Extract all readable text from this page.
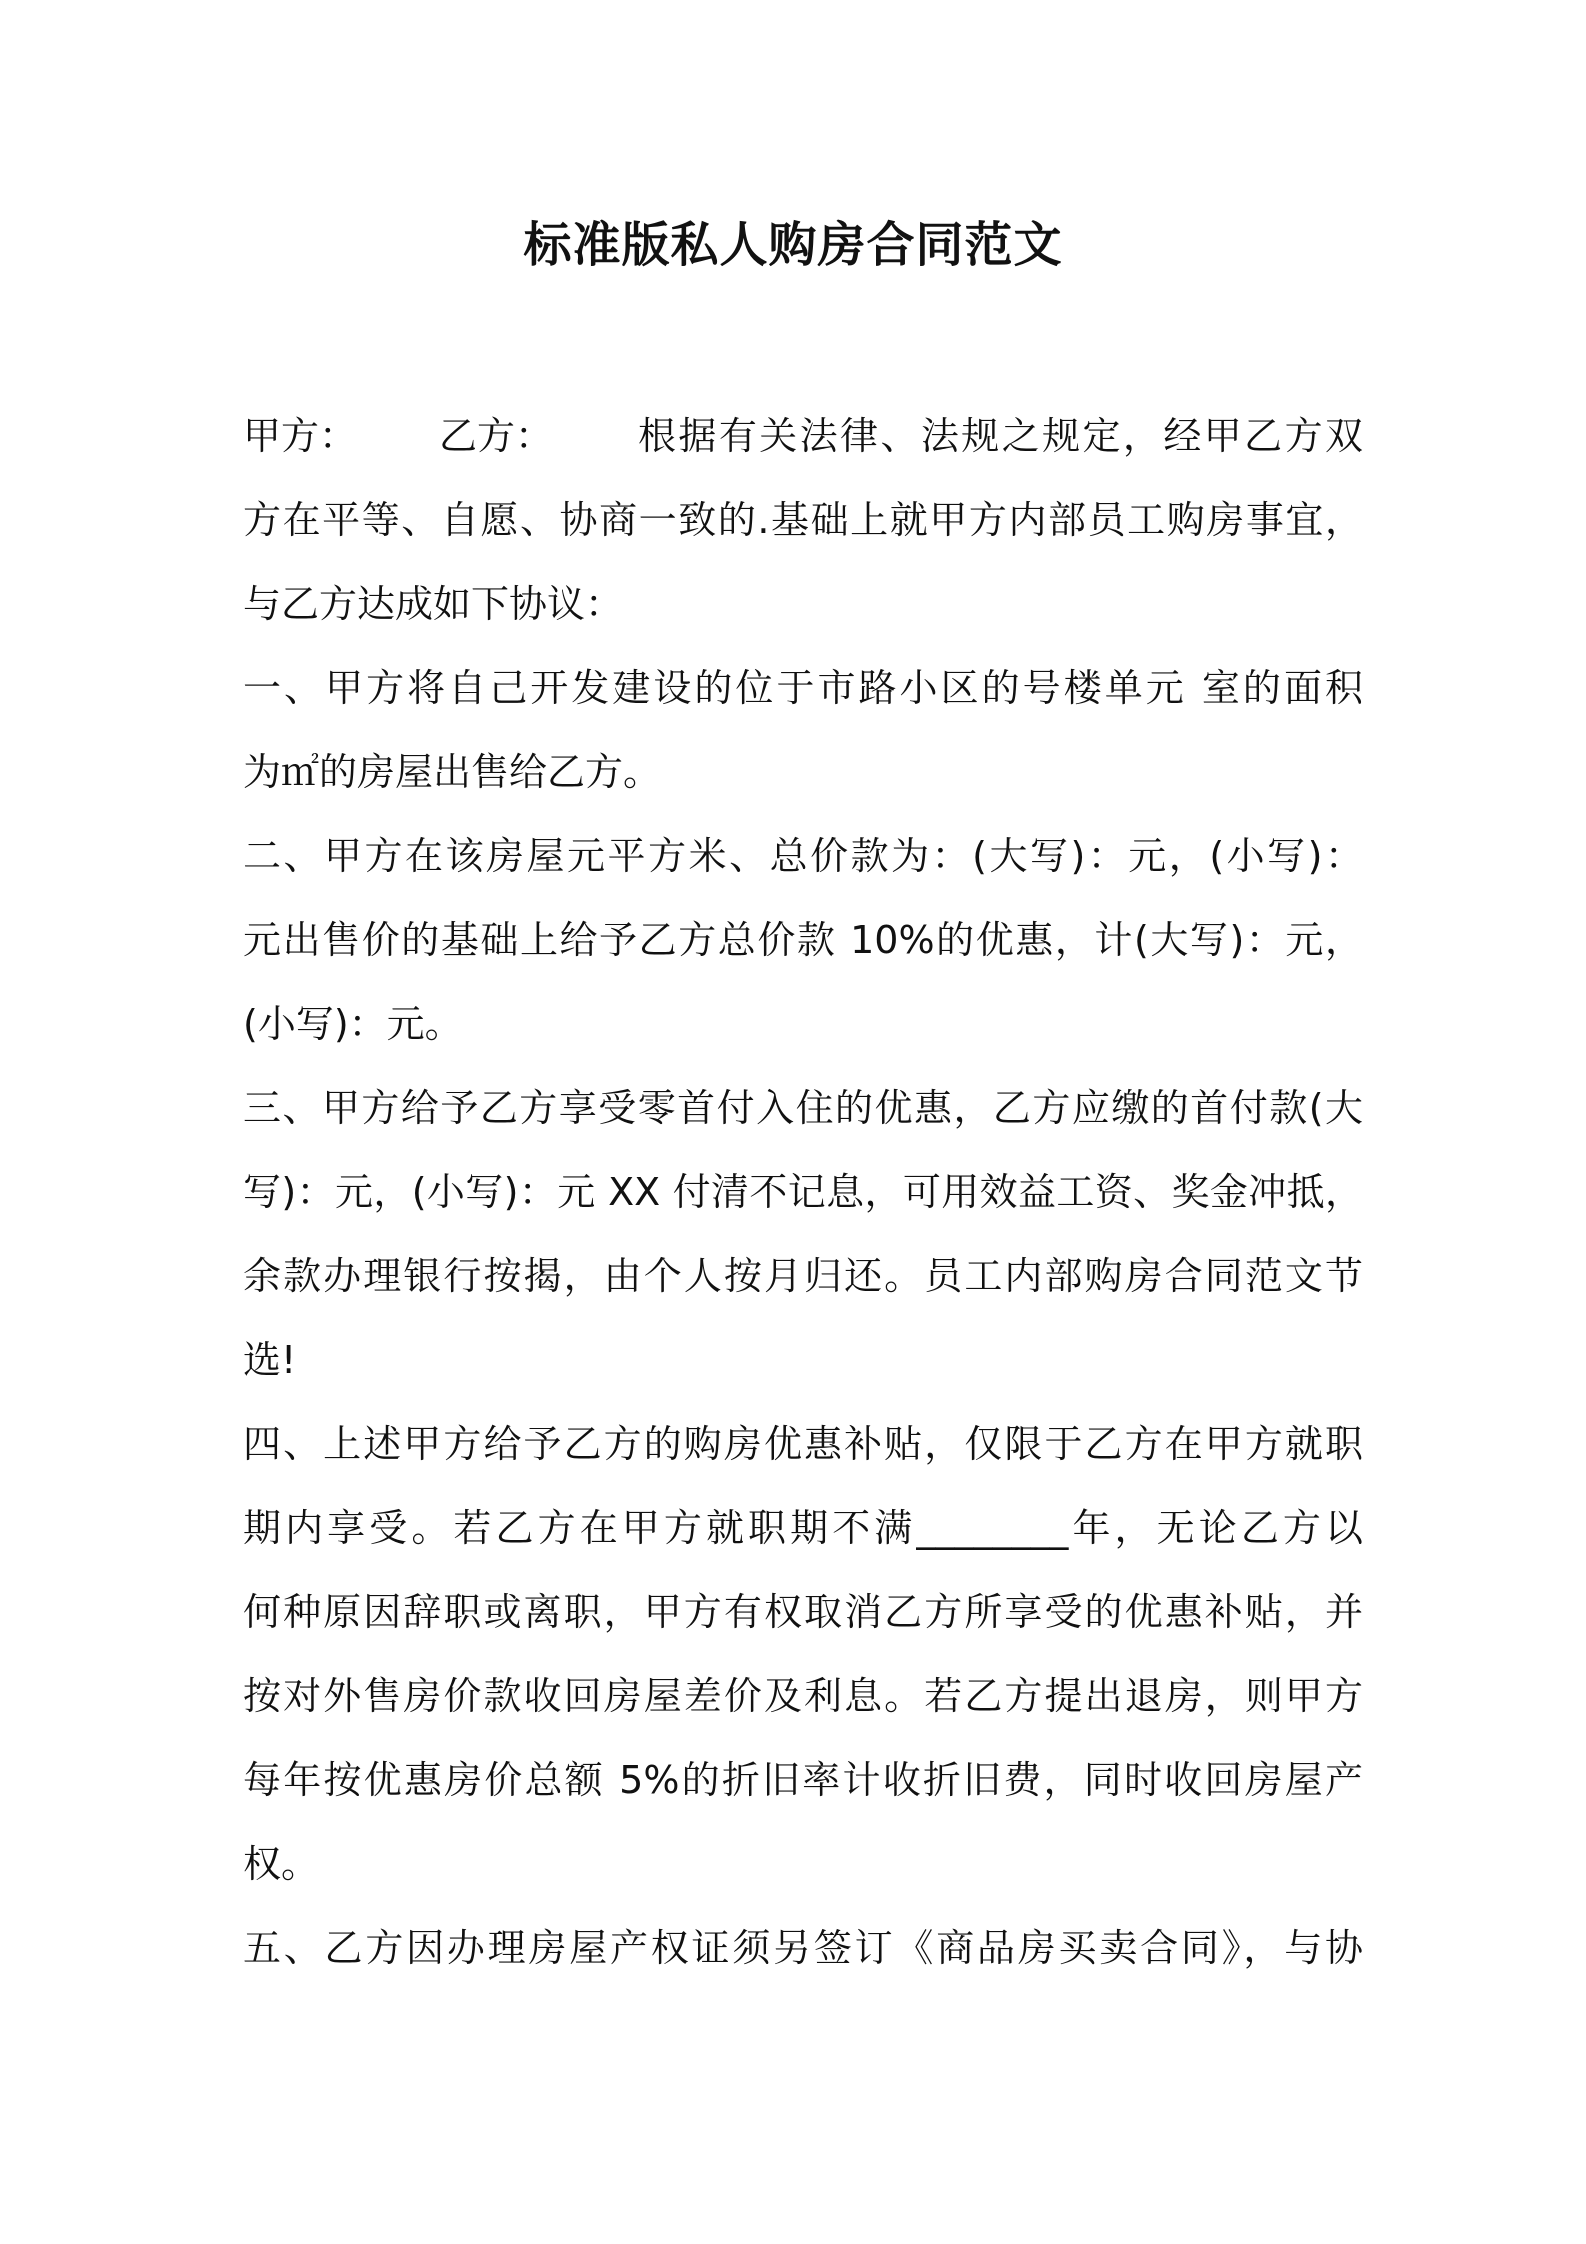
标准版私人购房合同范文
甲方： 乙方： 根据有关法律、法规之规定，经甲乙方双
方在平等、自愿、协商一致的.基础上就甲方内部员工购房事宜，
与乙方达成如下协议：
一、甲方将自己开发建设的位于市路小区的号楼单元 室的面积
为㎡的房屋出售给乙方。
二、甲方在该房屋元平方米、总价款为：(大写)：元，(小写)：
元出售价的基础上给予乙方总价款 10%的优惠，计(大写)：元，
(小写)：元。
三、甲方给予乙方享受零首付入住的优惠，乙方应缴的首付款(大
写)：元，(小写)：元 XX 付清不记息，可用效益工资、奖金冲抵，
余款办理银行按揭，由个人按月归还。员工内部购房合同范文节
选!
四、上述甲方给予乙方的购房优惠补贴，仅限于乙方在甲方就职
期内享受。若乙方在甲方就职期不满________年，无论乙方以
何种原因辞职或离职，甲方有权取消乙方所享受的优惠补贴，并
按对外售房价款收回房屋差价及利息。若乙方提出退房，则甲方
每年按优惠房价总额 5%的折旧率计收折旧费，同时收回房屋产
权。
五、乙方因办理房屋产权证须另签订《商品房买卖合同》，与协
